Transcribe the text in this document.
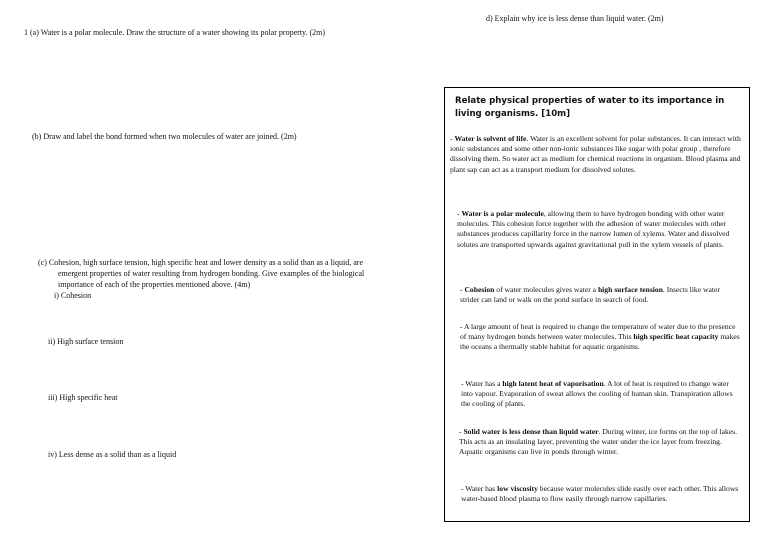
1 (a) Water is a polar molecule. Draw the structure of a water showing its polar property. (2m)
(b) Draw and label the bond formed when two molecules of water are joined. (2m)
(c) Cohesion, high surface tension, high specific heat and lower density as a solid than as a liquid, are
emergent properties of water resulting from hydrogen bonding. Give examples of the biological
importance of each of the properties mentioned above. (4m)
i) Cohesion
ii) High surface tension
iii) High specific heat
iv) Less dense as a solid than as a liquid
d) Explain why ice is less dense than liquid water. (2m)
Relate physical properties of water to its importance in living organisms. [10m]
- Water is solvent of life. Water is an excellent solvent for polar substances. It can interact with ionic substances and some other non-ionic substances like sugar with polar group , therefore dissolving them. So water act as medium for chemical reactions in organism. Blood plasma and plant sap can act as a transport medium for dissolved solutes.
- Water is a polar molecule, allowing them to have hydrogen bonding with other water molecules. This cohesion force together with the adhesion of water molecules with other substances produces capillarity force in the narrow lumen of xylems. Water and dissolved solutes are transported upwards against gravitational pull in the xylem vessels of plants.
- Cohesion of water molecules gives water a high surface tension. Insects like water strider can land or walk on the pond surface in search of food.
- A large amount of heat is required to change the temperature of water due to the presence of many hydrogen bonds between water molecules. This high specific heat capacity makes the oceans a thermally stable habitat for aquatic organisms.
- Water has a high latent heat of vaporisation. A lot of heat is required to change water into vapour. Evaporation of sweat allows the cooling of human skin. Transpiration allows the cooling of plants.
- Solid water is less dense than liquid water. During winter, ice forms on the top of lakes. This acts as an insulating layer, preventing the water under the ice layer from freezing. Aquatic organisms can live in ponds through winter.
- Water has low viscosity because water molecules slide easily over each other. This allows water-based blood plasma to flow easily through narrow capillaries.
